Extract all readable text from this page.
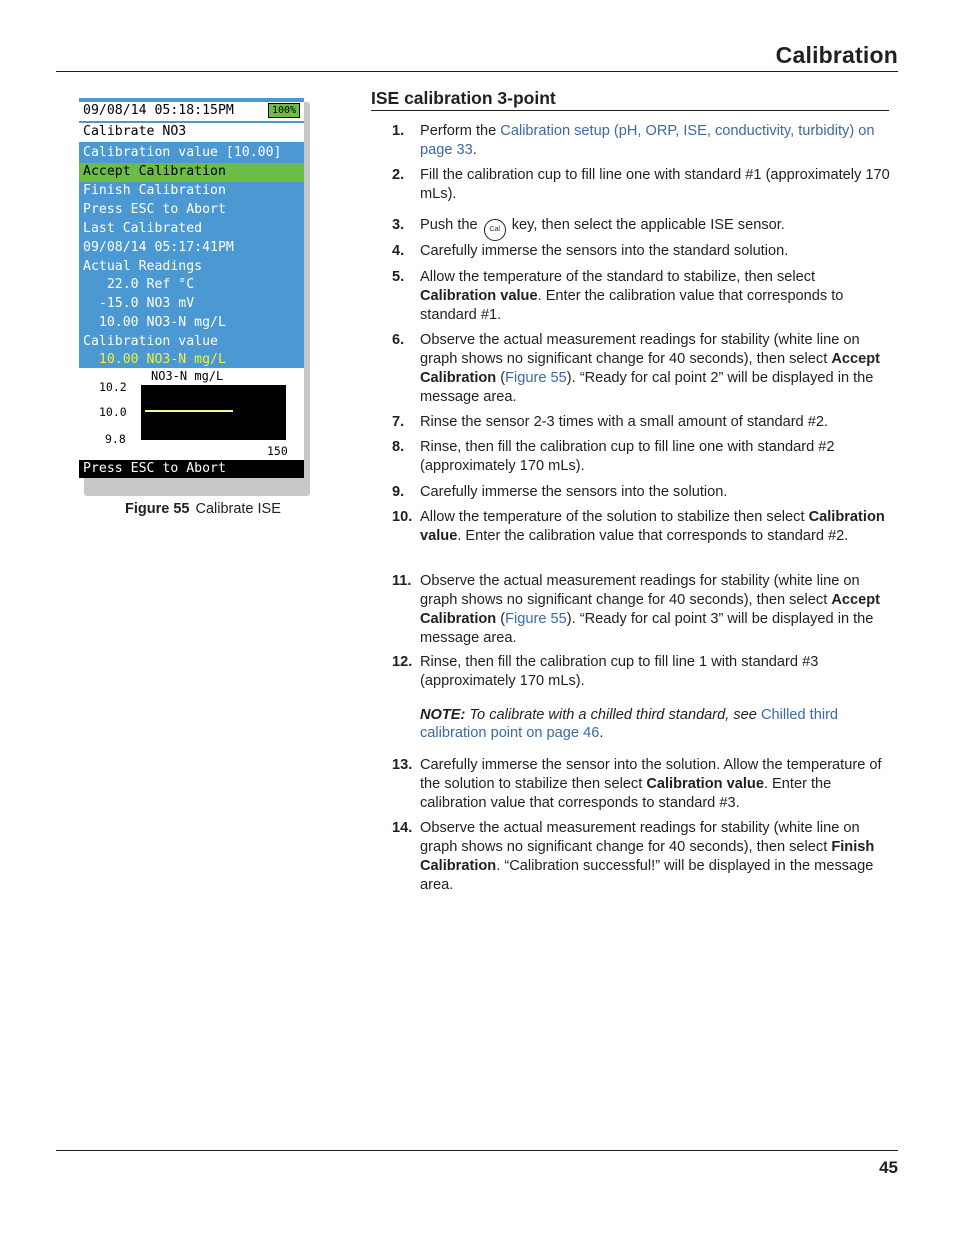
Calibration
09/08/14 05:18:15PM	100%
Calibrate NO3
Calibration value [10.00]
Accept Calibration
Finish Calibration
Press ESC to Abort
Last Calibrated
09/08/14 05:17:41PM
Actual Readings
22.0 Ref °C
-15.0 NO3 mV
10.00 NO3-N mg/L
Calibration value
10.00 NO3-N mg/L
NO3-N mg/L
10.2
10.0
9.8
150
Press ESC to Abort
Figure 55 Calibrate ISE
ISE calibration 3-point
1. Perform the Calibration setup (pH, ORP, ISE, conductivity, turbidity) on page 33.
2. Fill the calibration cup to fill line one with standard #1 (approximately 170 mLs).
3. Push the Cal key, then select the applicable ISE sensor.
4. Carefully immerse the sensors into the standard solution.
5. Allow the temperature of the standard to stabilize, then select Calibration value. Enter the calibration value that corresponds to standard #1.
6. Observe the actual measurement readings for stability (white line on graph shows no significant change for 40 seconds), then select Accept Calibration (Figure 55). “Ready for cal point 2” will be displayed in the message area.
7. Rinse the sensor 2-3 times with a small amount of standard #2.
8. Rinse, then fill the calibration cup to fill line one with standard #2 (approximately 170 mLs).
9. Carefully immerse the sensors into the solution.
10. Allow the temperature of the solution to stabilize then select Calibration value. Enter the calibration value that corresponds to standard #2.
11. Observe the actual measurement readings for stability (white line on graph shows no significant change for 40 seconds), then select Accept Calibration (Figure 55). “Ready for cal point 3” will be displayed in the message area.
12. Rinse, then fill the calibration cup to fill line 1 with standard #3 (approximately 170 mLs).
13. Carefully immerse the sensor into the solution. Allow the temperature of the solution to stabilize then select Calibration value. Enter the calibration value that corresponds to standard #3.
14. Observe the actual measurement readings for stability (white line on graph shows no significant change for 40 seconds), then select Finish Calibration. “Calibration successful!” will be displayed in the message area.
NOTE: To calibrate with a chilled third standard, see Chilled third calibration point on page 46.
45
